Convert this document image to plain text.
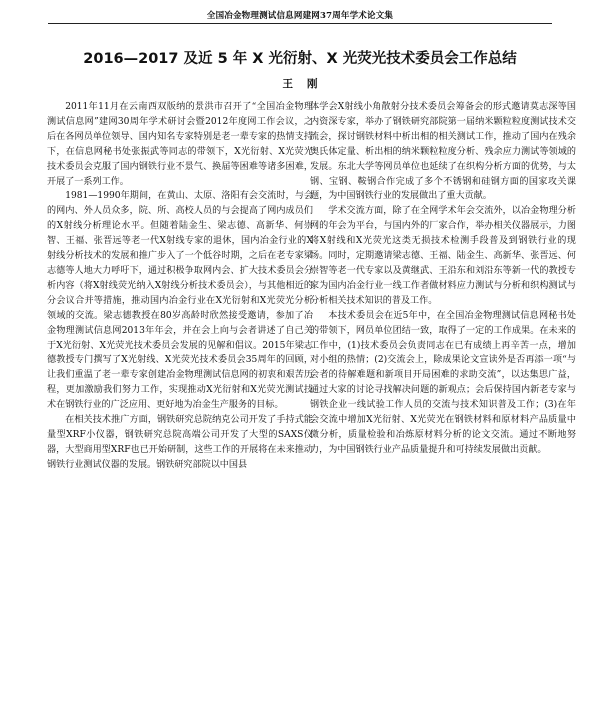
全国冶金物理测试信息网建网37周年学术论文集
2016—2017 及近 5 年 X 光衍射、X 光荧光技术委员会工作总结
王刚

2011年11月在云南西双版纳的景洪市召开了“全国冶金物理测试信息网”建网30周年学术研讨会暨2012年度网工作会议，之后在各网员单位领导、国内知名专家特别是老一辈专家的热情支持下，在信息网秘书处张振武等同志的带领下，X光衍射、X光荧光技术委员会克服了国内钢铁行业不景气、换届等困难等诸多困难，开展了一系列工作。

1981—1990年期间，在黄山、太原、洛阳有会交流时，与会的网内、外人员众多，院、所、高校人员的与会提高了网内成员们的X射线分析理论水平。但随着陆金生、梁志德、高新华、何崇智、王福、张晋远等老一代X射线专家的退休，国内冶金行业的X射线分析技术的发展和推广步入了一个低谷时期，之后在老专家梁志德等人地大力呼吁下，通过积极争取网内会、扩大技术委员会分析内容（将X射线荧光纳入X射线分析技术委员会），与其他相近的分会议合并等措施，推动国内冶金行业在X光衍射和X光荧光分析领域的交流。梁志德教授在80岁高龄时欣然接受邀请，参加了冶金物理测试信息网2013年年会，并在会上向与会者讲述了自己关于X光衍射、X光荧光技术委员会发展的见解和倡议。2015年梁志德教授专门撰写了X光射线、X光荧光技术委员会35周年的回顾，让我们重温了老一辈专家创建冶金物理测试信息网的初衷和艰苦历程，更加激励我们努力工作，实现推动X光衍射和X光荧光测试技术在钢铁行业的广泛应用、更好地为冶金生产服务的目标。

在相关技术推广方面，钢铁研究总院纳克公司开发了手持式能量型XRF小仪器，钢铁研究总院高端公司开发了大型的SAXS仪器，大型商用型XRF也已开始研制，这些工作的开展将在未来推动钢铁行业测试仪器的发展。钢铁研究部院以中国县

体学会X射线小角散射分技术委员会筹备会的形式邀请莫志深等国内资深专家，举办了钢铁研究部院第一届纳米颗粒粒度测试技术交流会，探讨钢铁材料中析出相的相关测试工作，推动了国内在残余奥氏体定量、析出相的纳米颗粒粒度分析、残余应力测试等领域的发展。东北大学等网员单位也延续了在织构分析方面的优势，与太钢、宝钢、鞍钢合作完成了多个不锈钢和硅钢方面的国家攻关课题，为中国钢铁行业的发展做出了重大贡献。

学术交流方面，除了在全网学术年会交流外，以冶金物理分析网的年会为平台，与国内外的厂家合作，举办相关仪器展示，力图将X射线和X光荧光这类无损技术检测手段普及到钢铁行业的现场。同时，定期邀请梁志德、王福、陆金生、高新华、张晋远、何崇智等老一代专家以及黄继武、王沿东和刘沿东等新一代的教授专家为国内冶金行业一线工作者做材料应力测试与分析和织构测试与分析相关技术知识的普及工作。

本技术委员会在近5年中，在全国冶金物理测试信息网秘书处的带领下，网员单位团结一致，取得了一定的工作成果。在未来的工作中，(1)技术委员会负责同志在已有成绩上再辛苦一点，增加对小组的热情；(2)交流会上，除成果论文宣读外是否再添一项“与会者的待解难题和新项目开局困难的求助交流”，以达集思广益，通过大家的讨论寻找解决问题的新观点；会后保持国内新老专家与钢铁企业一线试验工作人员的交流与技术知识普及工作；(3)在年会交流中增加X光衍射、X光荧光在钢铁材料和原材料产品质量中微分析，质量检验和冶炼原材料分析的论文交流。通过不断地努力，为中国钢铁行业产品质量提升和可持续发展做出贡献。
